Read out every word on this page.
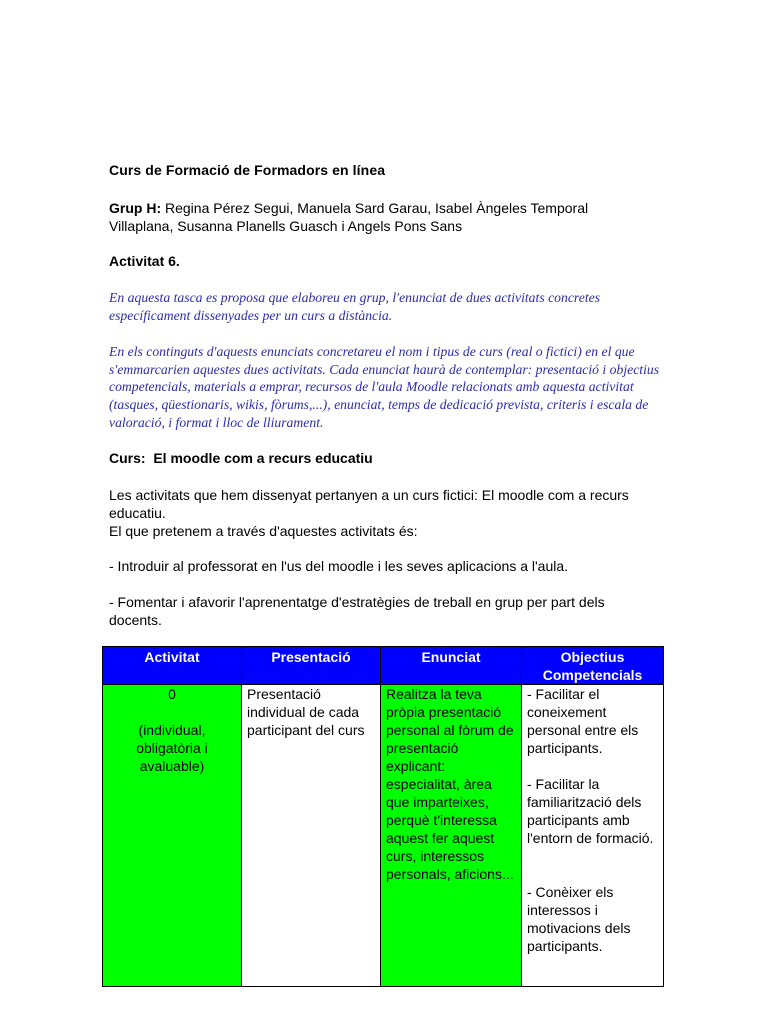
Curs de Formació de Formadors en línea
Grup H: Regina Pérez Segui, Manuela Sard Garau, Isabel Àngeles Temporal Villaplana, Susanna Planells Guasch i Angels Pons Sans
Activitat 6.
En aquesta tasca es proposa que elaboreu en grup, l'enunciat de dues activitats concretes específicament dissenyades per un curs a distància.
En els continguts d'aquests enunciats concretareu el nom i tipus de curs (real o fictici) en el que s'emmarcarien aquestes dues activitats. Cada enunciat haurà de contemplar: presentació i objectius competencials, materials a emprar, recursos de l'aula Moodle relacionats amb aquesta activitat (tasques, qüestionaris, wikis, fòrums,...), enunciat, temps de dedicació prevista, criteris i escala de valoració, i format i lloc de lliurament.
Curs:  El moodle com a recurs educatiu
Les activitats que hem dissenyat pertanyen a un curs fictici: El moodle com a recurs educatiu.
El que pretenem a través d'aquestes activitats és:
- Introduir al professorat en l'us del moodle i les seves aplicacions a l'aula.
- Fomentar i afavorir l'aprenentatge d'estratègies de treball en grup per part dels docents.
Activitat	Presentació	Enunciat	Objectius Competencials

0
(individual, obligatòria i avaluable)	Presentació individual de cada participant del curs	Realitza la teva pròpia presentació personal al fòrum de presentació explicant: especialitat, àrea que imparteixes, perquè t'interessa aquest fer aquest curs, interessos personals, aficions...	- Facilitar el coneixement personal entre els participants.
- Facilitar la familiarització dels participants amb l'entorn de formació.
- Conèixer els interessos i motivacions dels participants.
